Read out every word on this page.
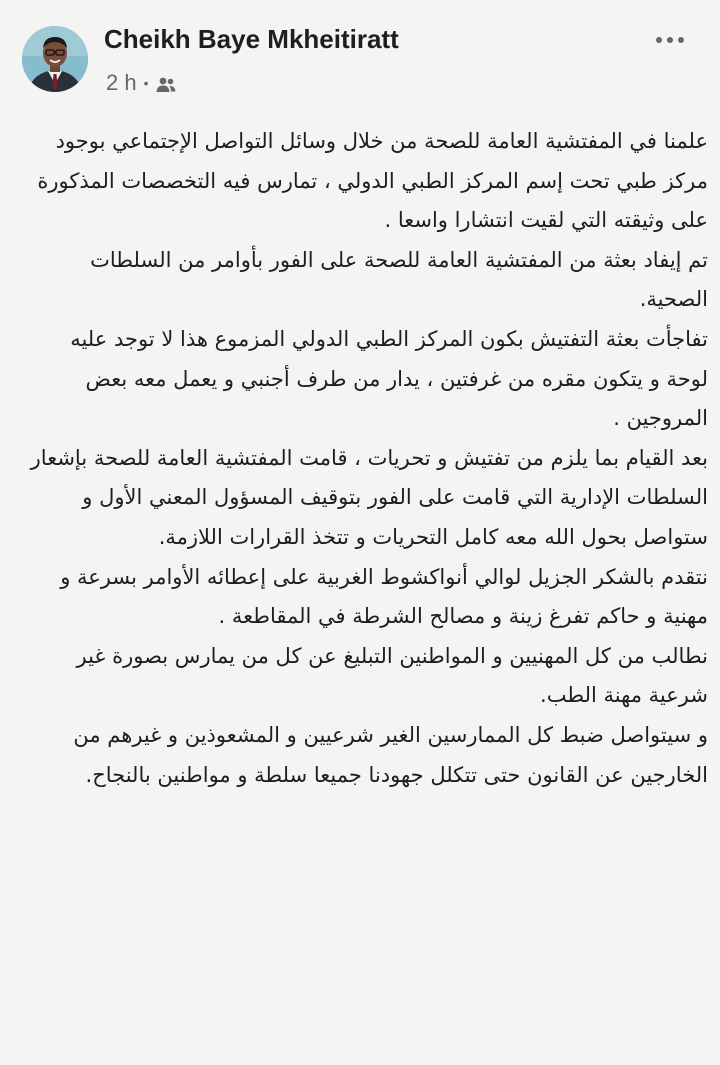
Cheikh Baye Mkheitiratt
2 h •

علمنا في المفتشية العامة للصحة من خلال وسائل التواصل الإجتماعي بوجود مركز طبي تحت إسم المركز الطبي الدولي ، تمارس فيه التخصصات المذكورة على وثيقته التي لقيت انتشارا واسعا .

تم إيفاد بعثة من المفتشية العامة للصحة على الفور بأوامر من السلطات الصحية.

تفاجأت بعثة التفتيش بكون المركز الطبي الدولي المزموع هذا لا توجد عليه لوحة و يتكون مقره من غرفتين ، يدار من طرف أجنبي و يعمل معه بعض المروجين .

بعد القيام بما يلزم من تفتيش و تحريات ، قامت المفتشية العامة للصحة بإشعار السلطات الإدارية التي قامت على الفور بتوقيف المسؤول المعني الأول و ستواصل بحول الله معه كامل التحريات و تتخذ القرارات اللازمة.

نتقدم بالشكر الجزيل لوالي أنواكشوط الغربية على إعطائه الأوامر بسرعة و مهنية و حاكم تفرغ زينة و مصالح الشرطة في المقاطعة .

نطالب من كل المهنيين و المواطنين التبليغ عن كل من يمارس بصورة غير شرعية مهنة الطب.

و سيتواصل ضبط كل الممارسين الغير شرعيين و المشعوذين و غيرهم من الخارجين عن القانون حتى تتكلل جهودنا جميعا سلطة و مواطنين بالنجاح.
